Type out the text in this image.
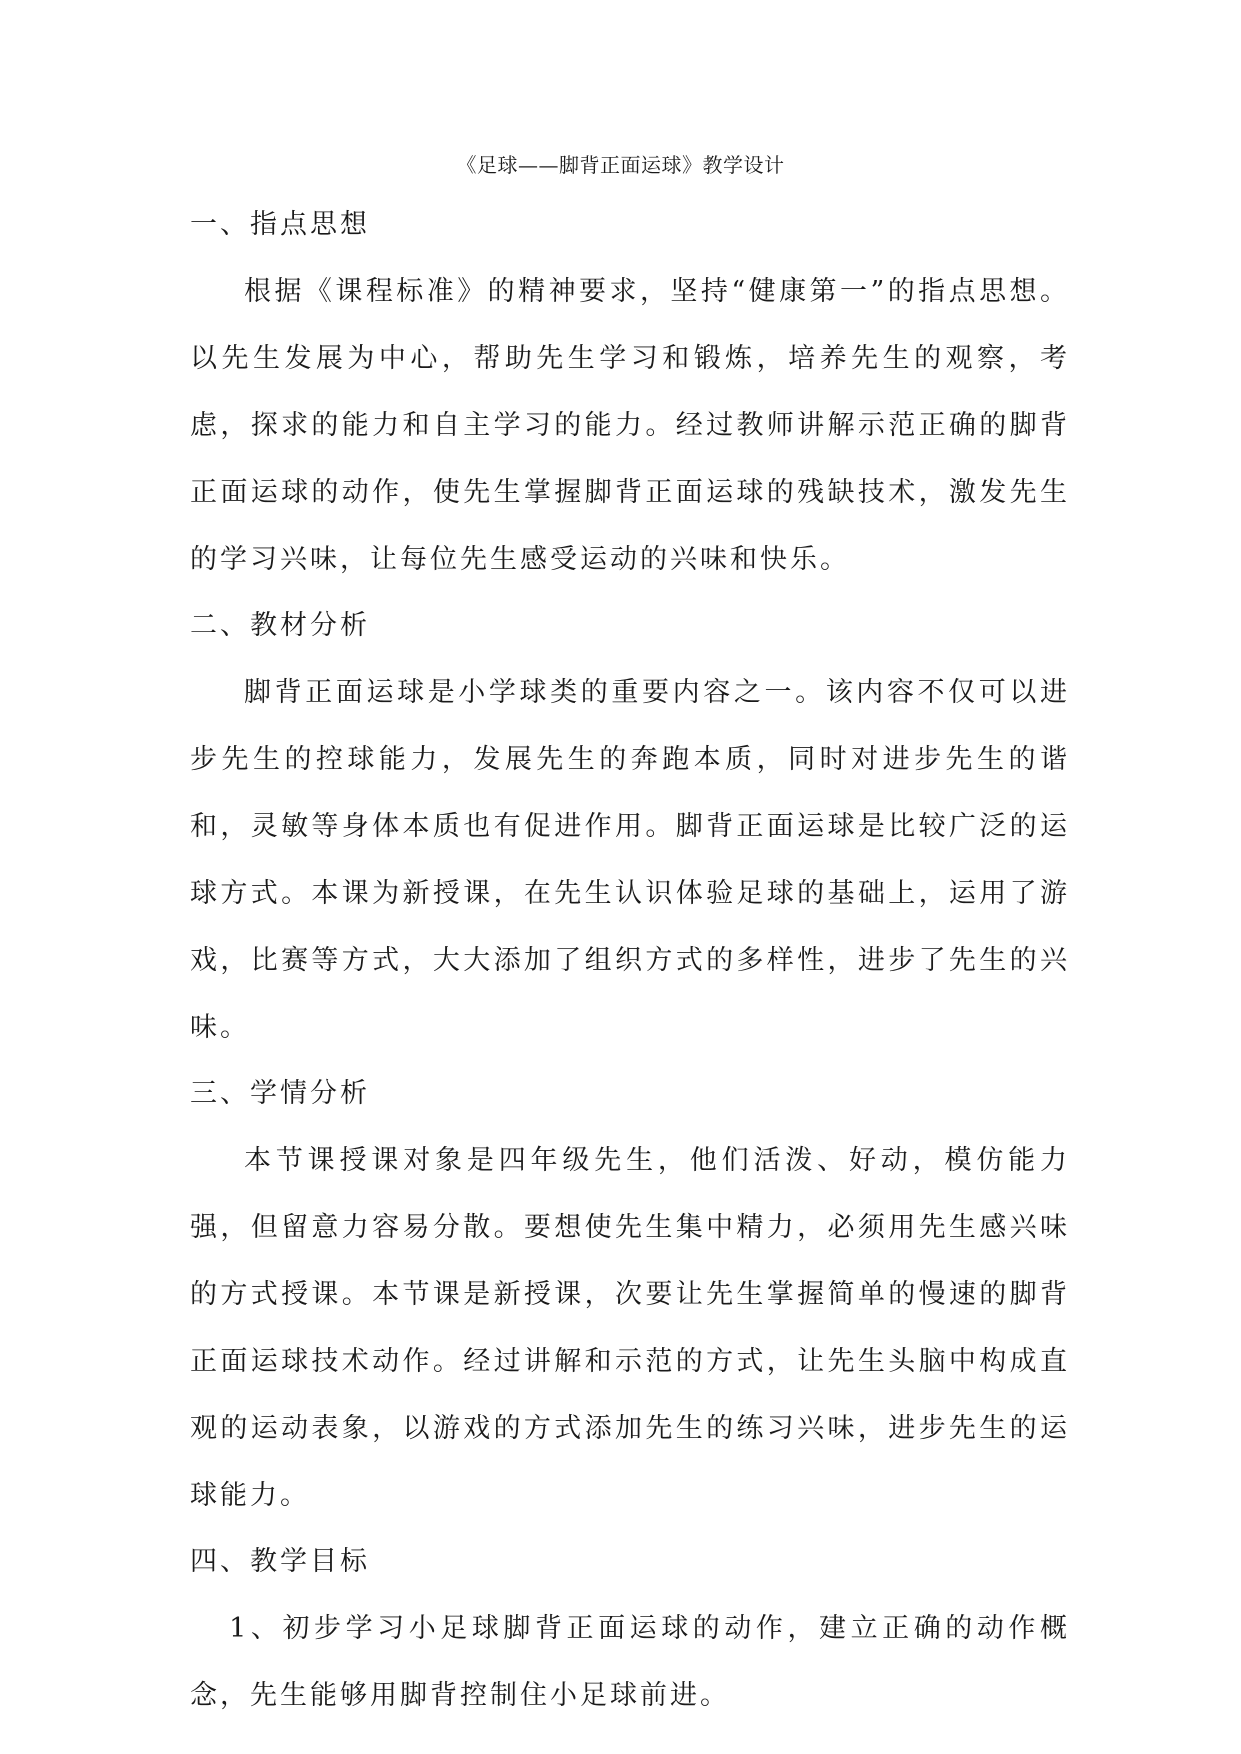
《足球——脚背正面运球》教学设计
一、指点思想

根据《课程标准》的精神要求，坚持“健康第一”的指点思想。以先生发展为中心，帮助先生学习和锻炼，培养先生的观察，考虑，探求的能力和自主学习的能力。经过教师讲解示范正确的脚背正面运球的动作，使先生掌握脚背正面运球的残缺技术，激发先生的学习兴味，让每位先生感受运动的兴味和快乐。

二、教材分析

脚背正面运球是小学球类的重要内容之一。该内容不仅可以进步先生的控球能力，发展先生的奔跑本质，同时对进步先生的谐和，灵敏等身体本质也有促进作用。脚背正面运球是比较广泛的运球方式。本课为新授课，在先生认识体验足球的基础上，运用了游戏，比赛等方式，大大添加了组织方式的多样性，进步了先生的兴味。

三、学情分析

本节课授课对象是四年级先生，他们活泼、好动，模仿能力强，但留意力容易分散。要想使先生集中精力，必须用先生感兴味的方式授课。本节课是新授课，次要让先生掌握简单的慢速的脚背正面运球技术动作。经过讲解和示范的方式，让先生头脑中构成直观的运动表象，以游戏的方式添加先生的练习兴味，进步先生的运球能力。

四、教学目标

1、初步学习小足球脚背正面运球的动作，建立正确的动作概念，先生能够用脚背控制住小足球前进。
